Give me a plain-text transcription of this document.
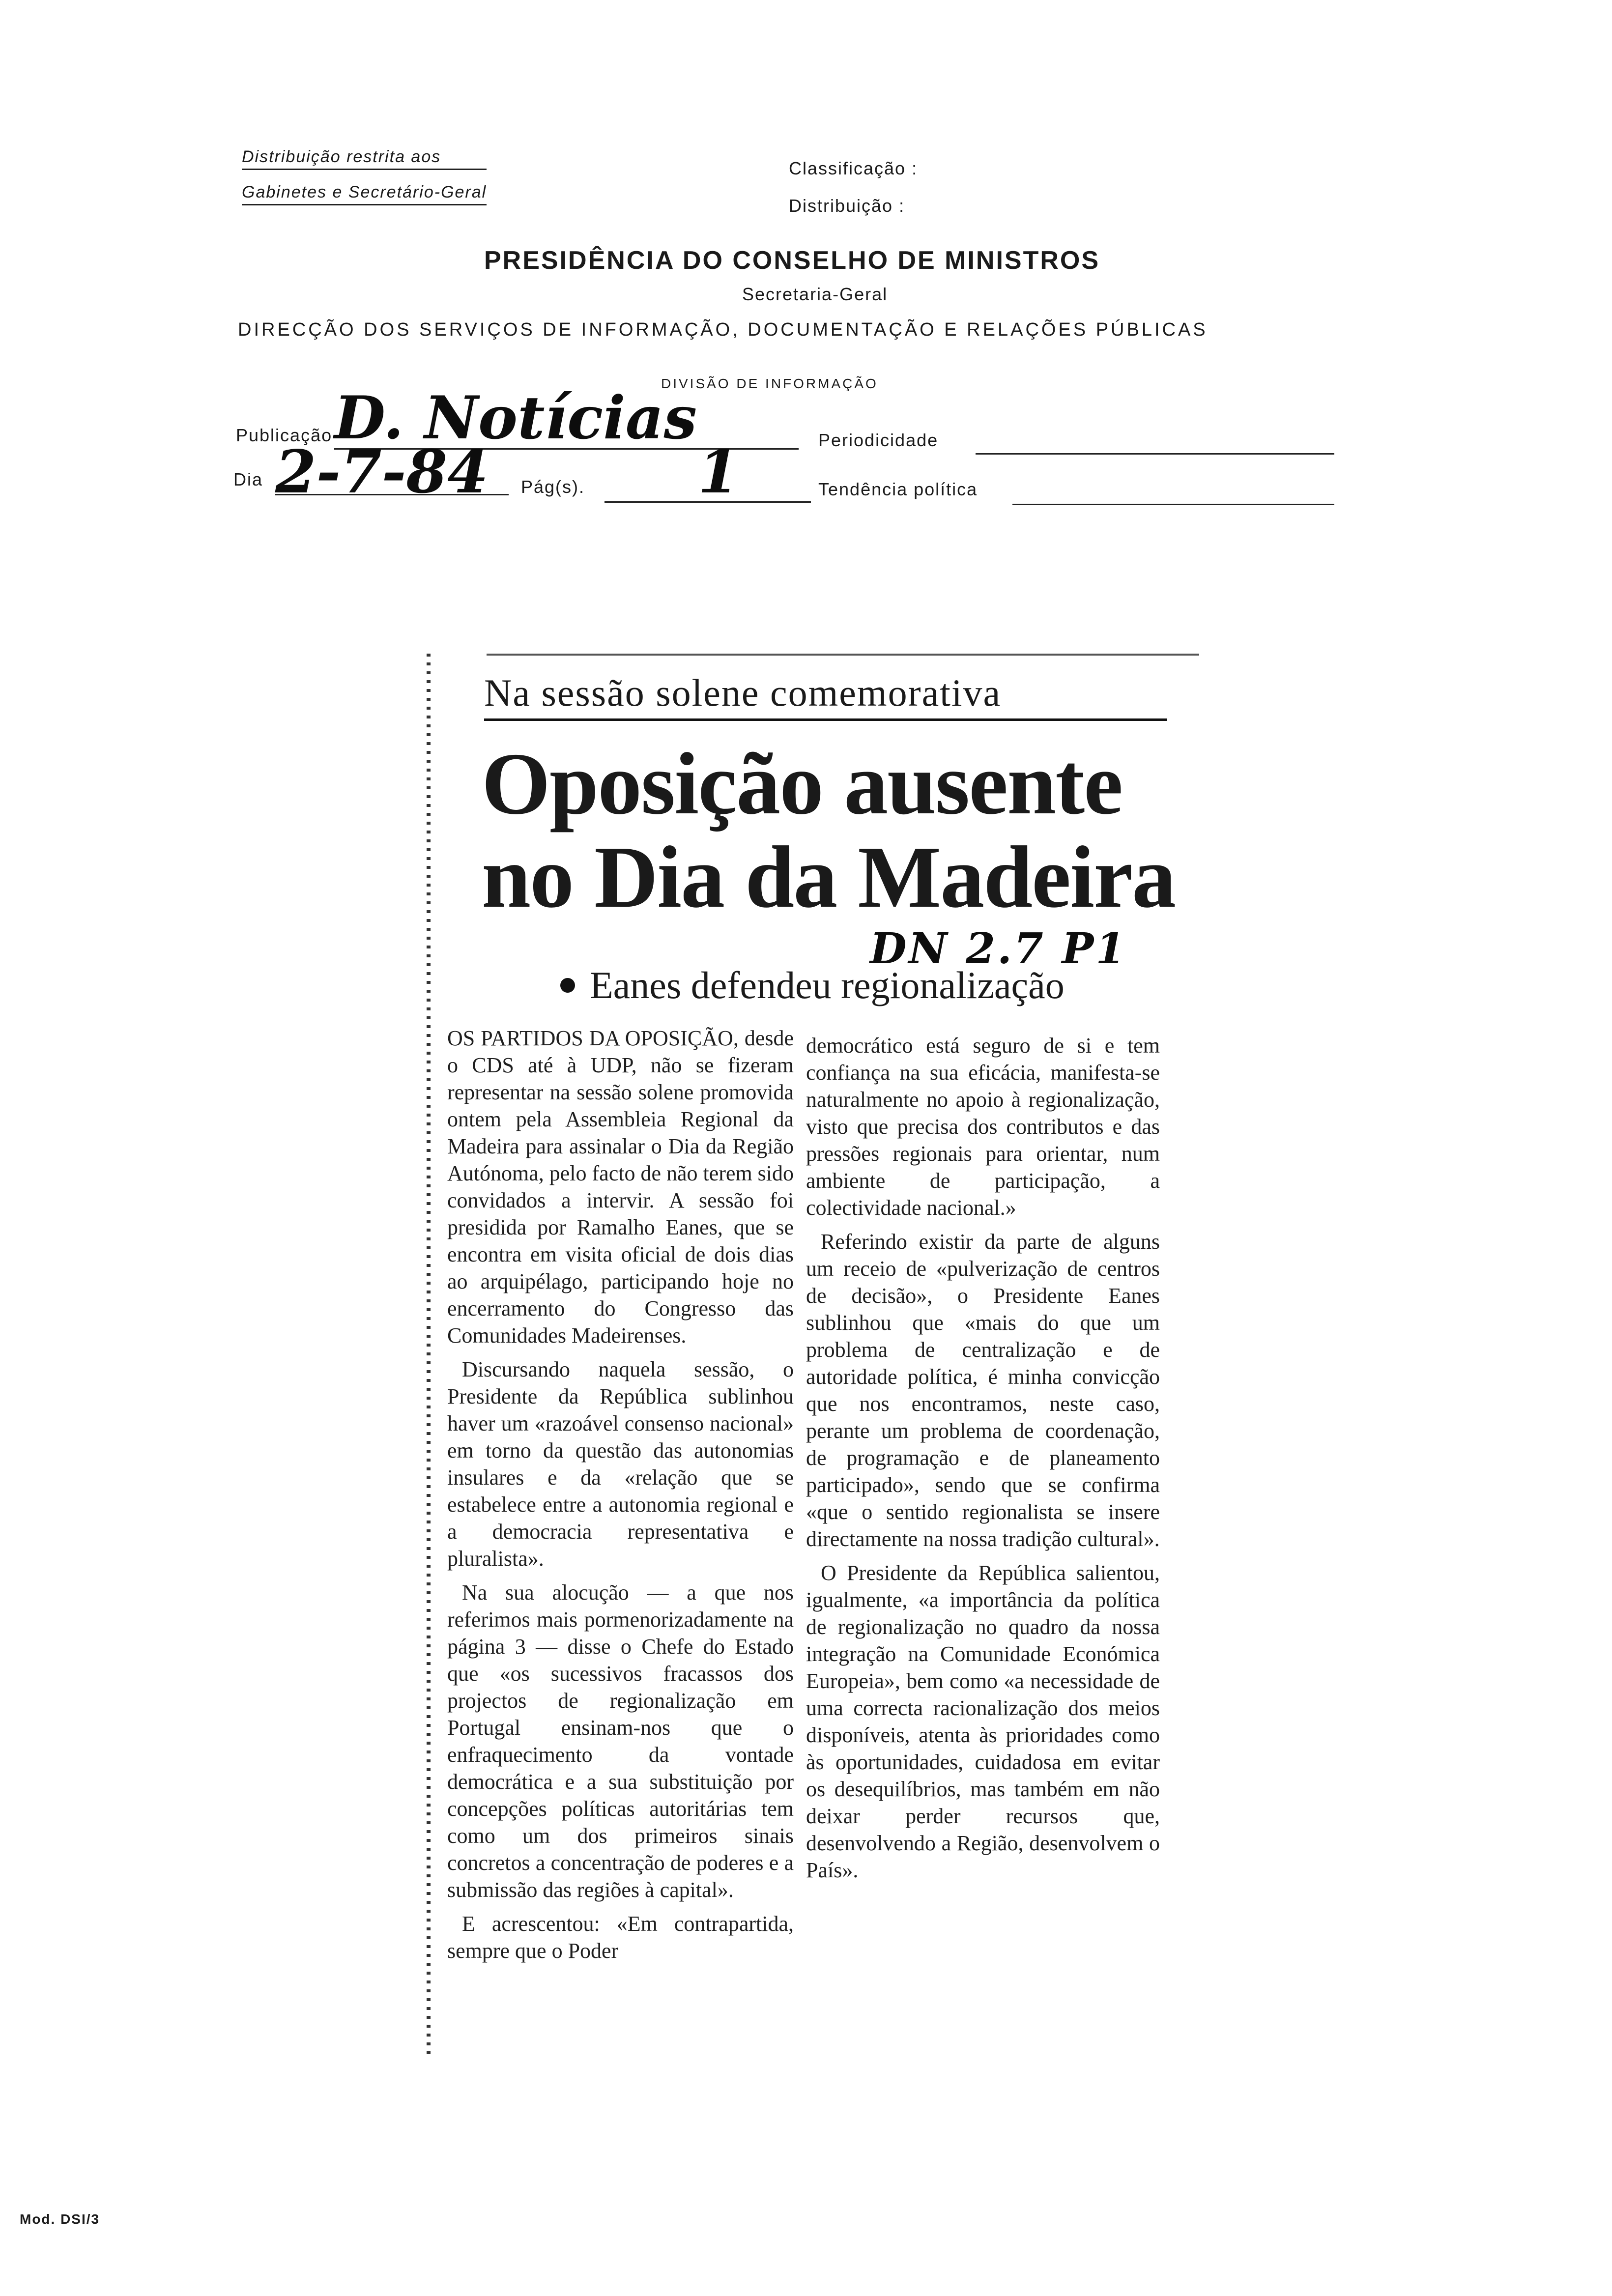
Distribuição restrita aos
Gabinetes e Secretário-Geral
Classificação :
Distribuição :
PRESIDÊNCIA DO CONSELHO DE MINISTROS
Secretaria-Geral
DIRECÇÃO DOS SERVIÇOS DE INFORMAÇÃO, DOCUMENTAÇÃO E RELAÇÕES PÚBLICAS
DIVISÃO DE INFORMAÇÃO
Publicação D. Notícias	Periodicidade
Dia 2-7-84 Pág(s). 1	Tendência política
Na sessão solene comemorativa
Oposição ausente
no Dia da Madeira
DN 2.7 P1
Eanes defendeu regionalização

OS PARTIDOS DA OPOSIÇÃO, desde o CDS até à UDP, não se fizeram representar na sessão solene promovida ontem pela Assembleia Regional da Madeira para assinalar o Dia da Região Autónoma, pelo facto de não terem sido convidados a intervir. A sessão foi presidida por Ramalho Eanes, que se encontra em visita oficial de dois dias ao arquipélago, participando hoje no encerramento do Congresso das Comunidades Madeirenses.

Discursando naquela sessão, o Presidente da República sublinhou haver um «razoável consenso nacional» em torno da questão das autonomias insulares e da «relação que se estabelece entre a autonomia regional e a democracia representativa e pluralista».

Na sua alocução — a que nos referimos mais pormenorizadamente na página 3 — disse o Chefe do Estado que «os sucessivos fracassos dos projectos de regionalização em Portugal ensinam-nos que o enfraquecimento da vontade democrática e a sua substituição por concepções políticas autoritárias tem como um dos primeiros sinais concretos a concentração de poderes e a submissão das regiões à capital».

E acrescentou: «Em contrapartida, sempre que o Poder

democrático está seguro de si e tem confiança na sua eficácia, manifesta-se naturalmente no apoio à regionalização, visto que precisa dos contributos e das pressões regionais para orientar, num ambiente de participação, a colectividade nacional.»

Referindo existir da parte de alguns um receio de «pulverização de centros de decisão», o Presidente Eanes sublinhou que «mais do que um problema de centralização e de autoridade política, é minha convicção que nos encontramos, neste caso, perante um problema de coordenação, de programação e de planeamento participado», sendo que se confirma «que o sentido regionalista se insere directamente na nossa tradição cultural».

O Presidente da República salientou, igualmente, «a importância da política de regionalização no quadro da nossa integração na Comunidade Económica Europeia», bem como «a necessidade de uma correcta racionalização dos meios disponíveis, atenta às prioridades como às oportunidades, cuidadosa em evitar os desequilíbrios, mas também em não deixar perder recursos que, desenvolvendo a Região, desenvolvem o País».

Mod. DSI/3
